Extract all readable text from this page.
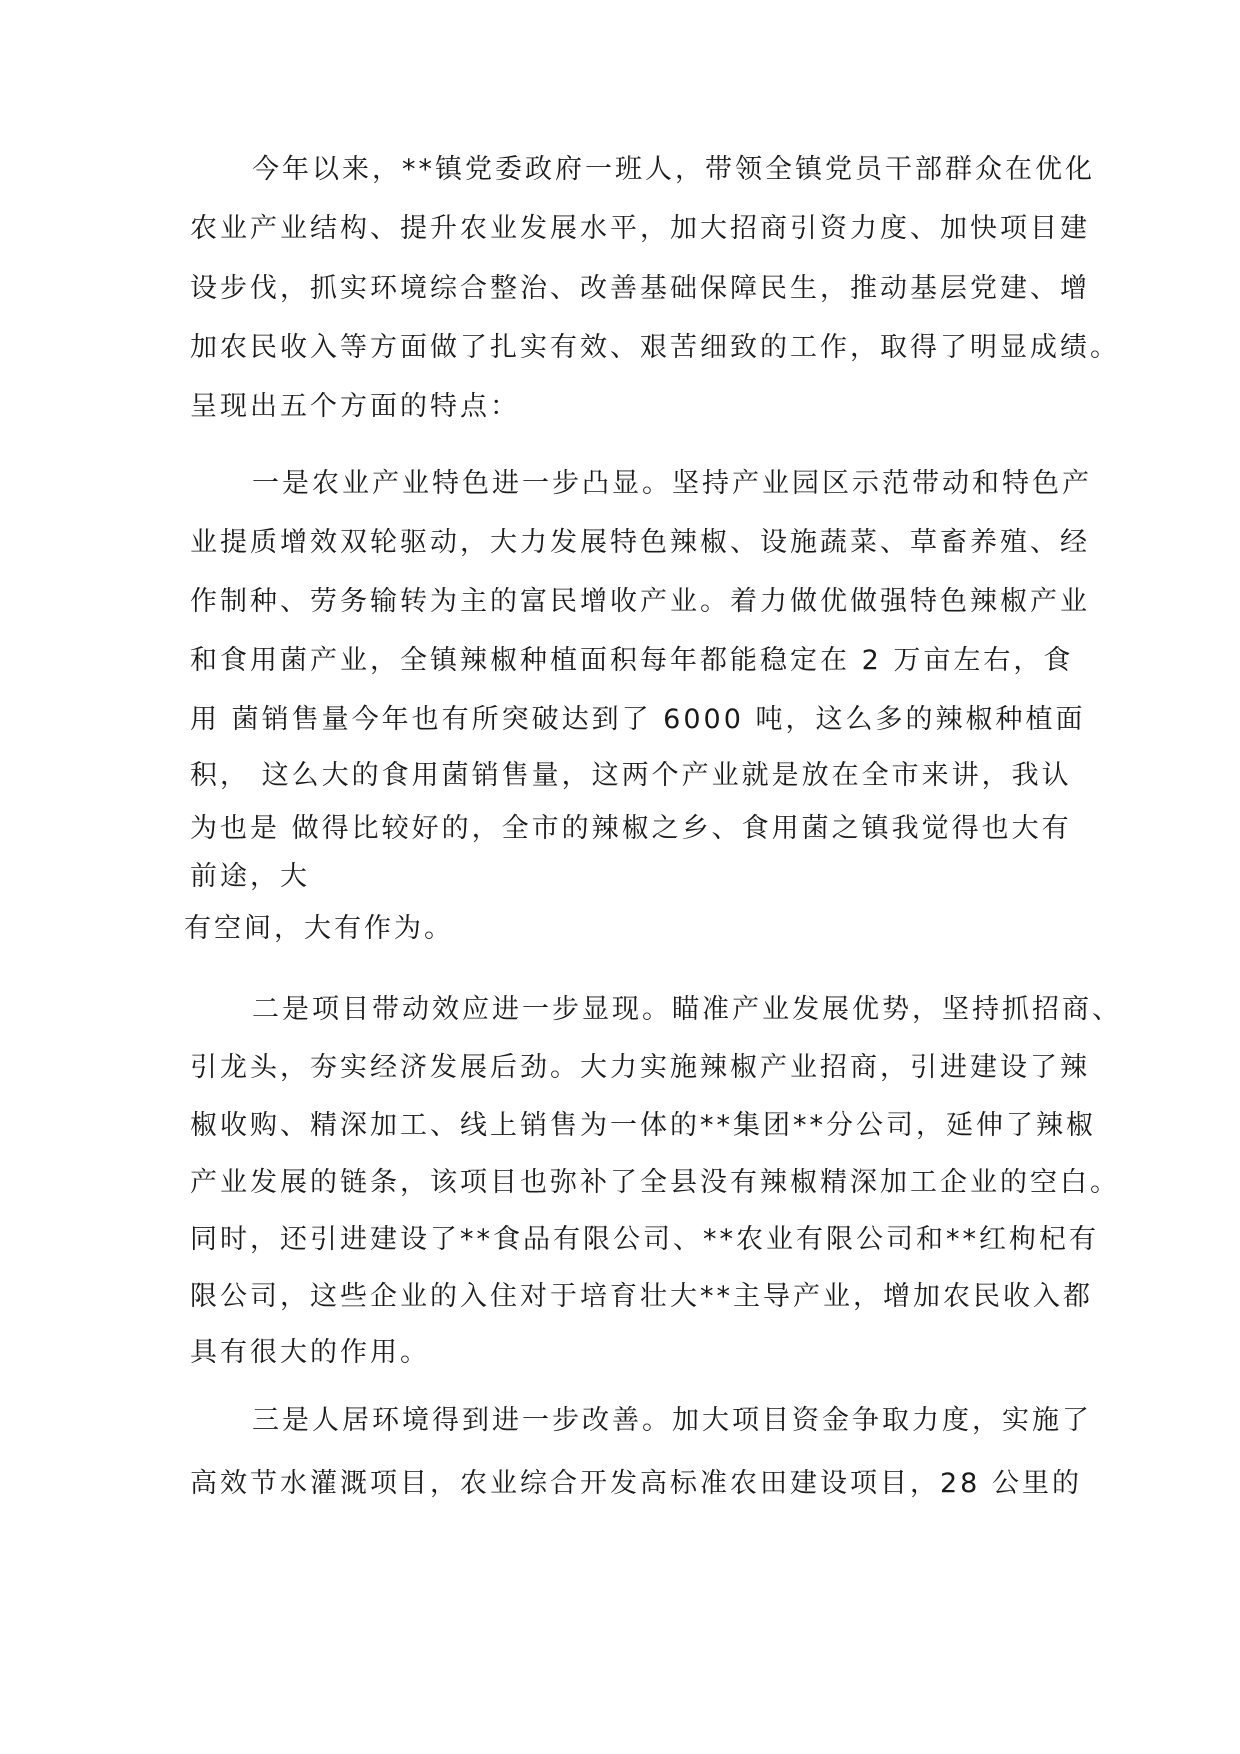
今年以来，**镇党委政府一班人，带领全镇党员干部群众在优化
农业产业结构、提升农业发展水平，加大招商引资力度、加快项目建
设步伐，抓实环境综合整治、改善基础保障民生，推动基层党建、增
加农民收入等方面做了扎实有效、艰苦细致的工作，取得了明显成绩。
呈现出五个方面的特点：
一是农业产业特色进一步凸显。坚持产业园区示范带动和特色产
业提质增效双轮驱动，大力发展特色辣椒、设施蔬菜、草畜养殖、经
作制种、劳务输转为主的富民增收产业。着力做优做强特色辣椒产业
和食用菌产业，全镇辣椒种植面积每年都能稳定在 2 万亩左右，食
用 菌销售量今年也有所突破达到了 6000 吨，这么多的辣椒种植面
积， 这么大的食用菌销售量，这两个产业就是放在全市来讲，我认
为也是 做得比较好的，全市的辣椒之乡、食用菌之镇我觉得也大有
前途，大
有空间，大有作为。
二是项目带动效应进一步显现。瞄准产业发展优势，坚持抓招商、
引龙头，夯实经济发展后劲。大力实施辣椒产业招商，引进建设了辣
椒收购、精深加工、线上销售为一体的**集团**分公司，延伸了辣椒
产业发展的链条，该项目也弥补了全县没有辣椒精深加工企业的空白。
同时，还引进建设了**食品有限公司、**农业有限公司和**红枸杞有
限公司，这些企业的入住对于培育壮大**主导产业，增加农民收入都
具有很大的作用。
三是人居环境得到进一步改善。加大项目资金争取力度，实施了
高效节水灌溉项目，农业综合开发高标准农田建设项目，28 公里的
